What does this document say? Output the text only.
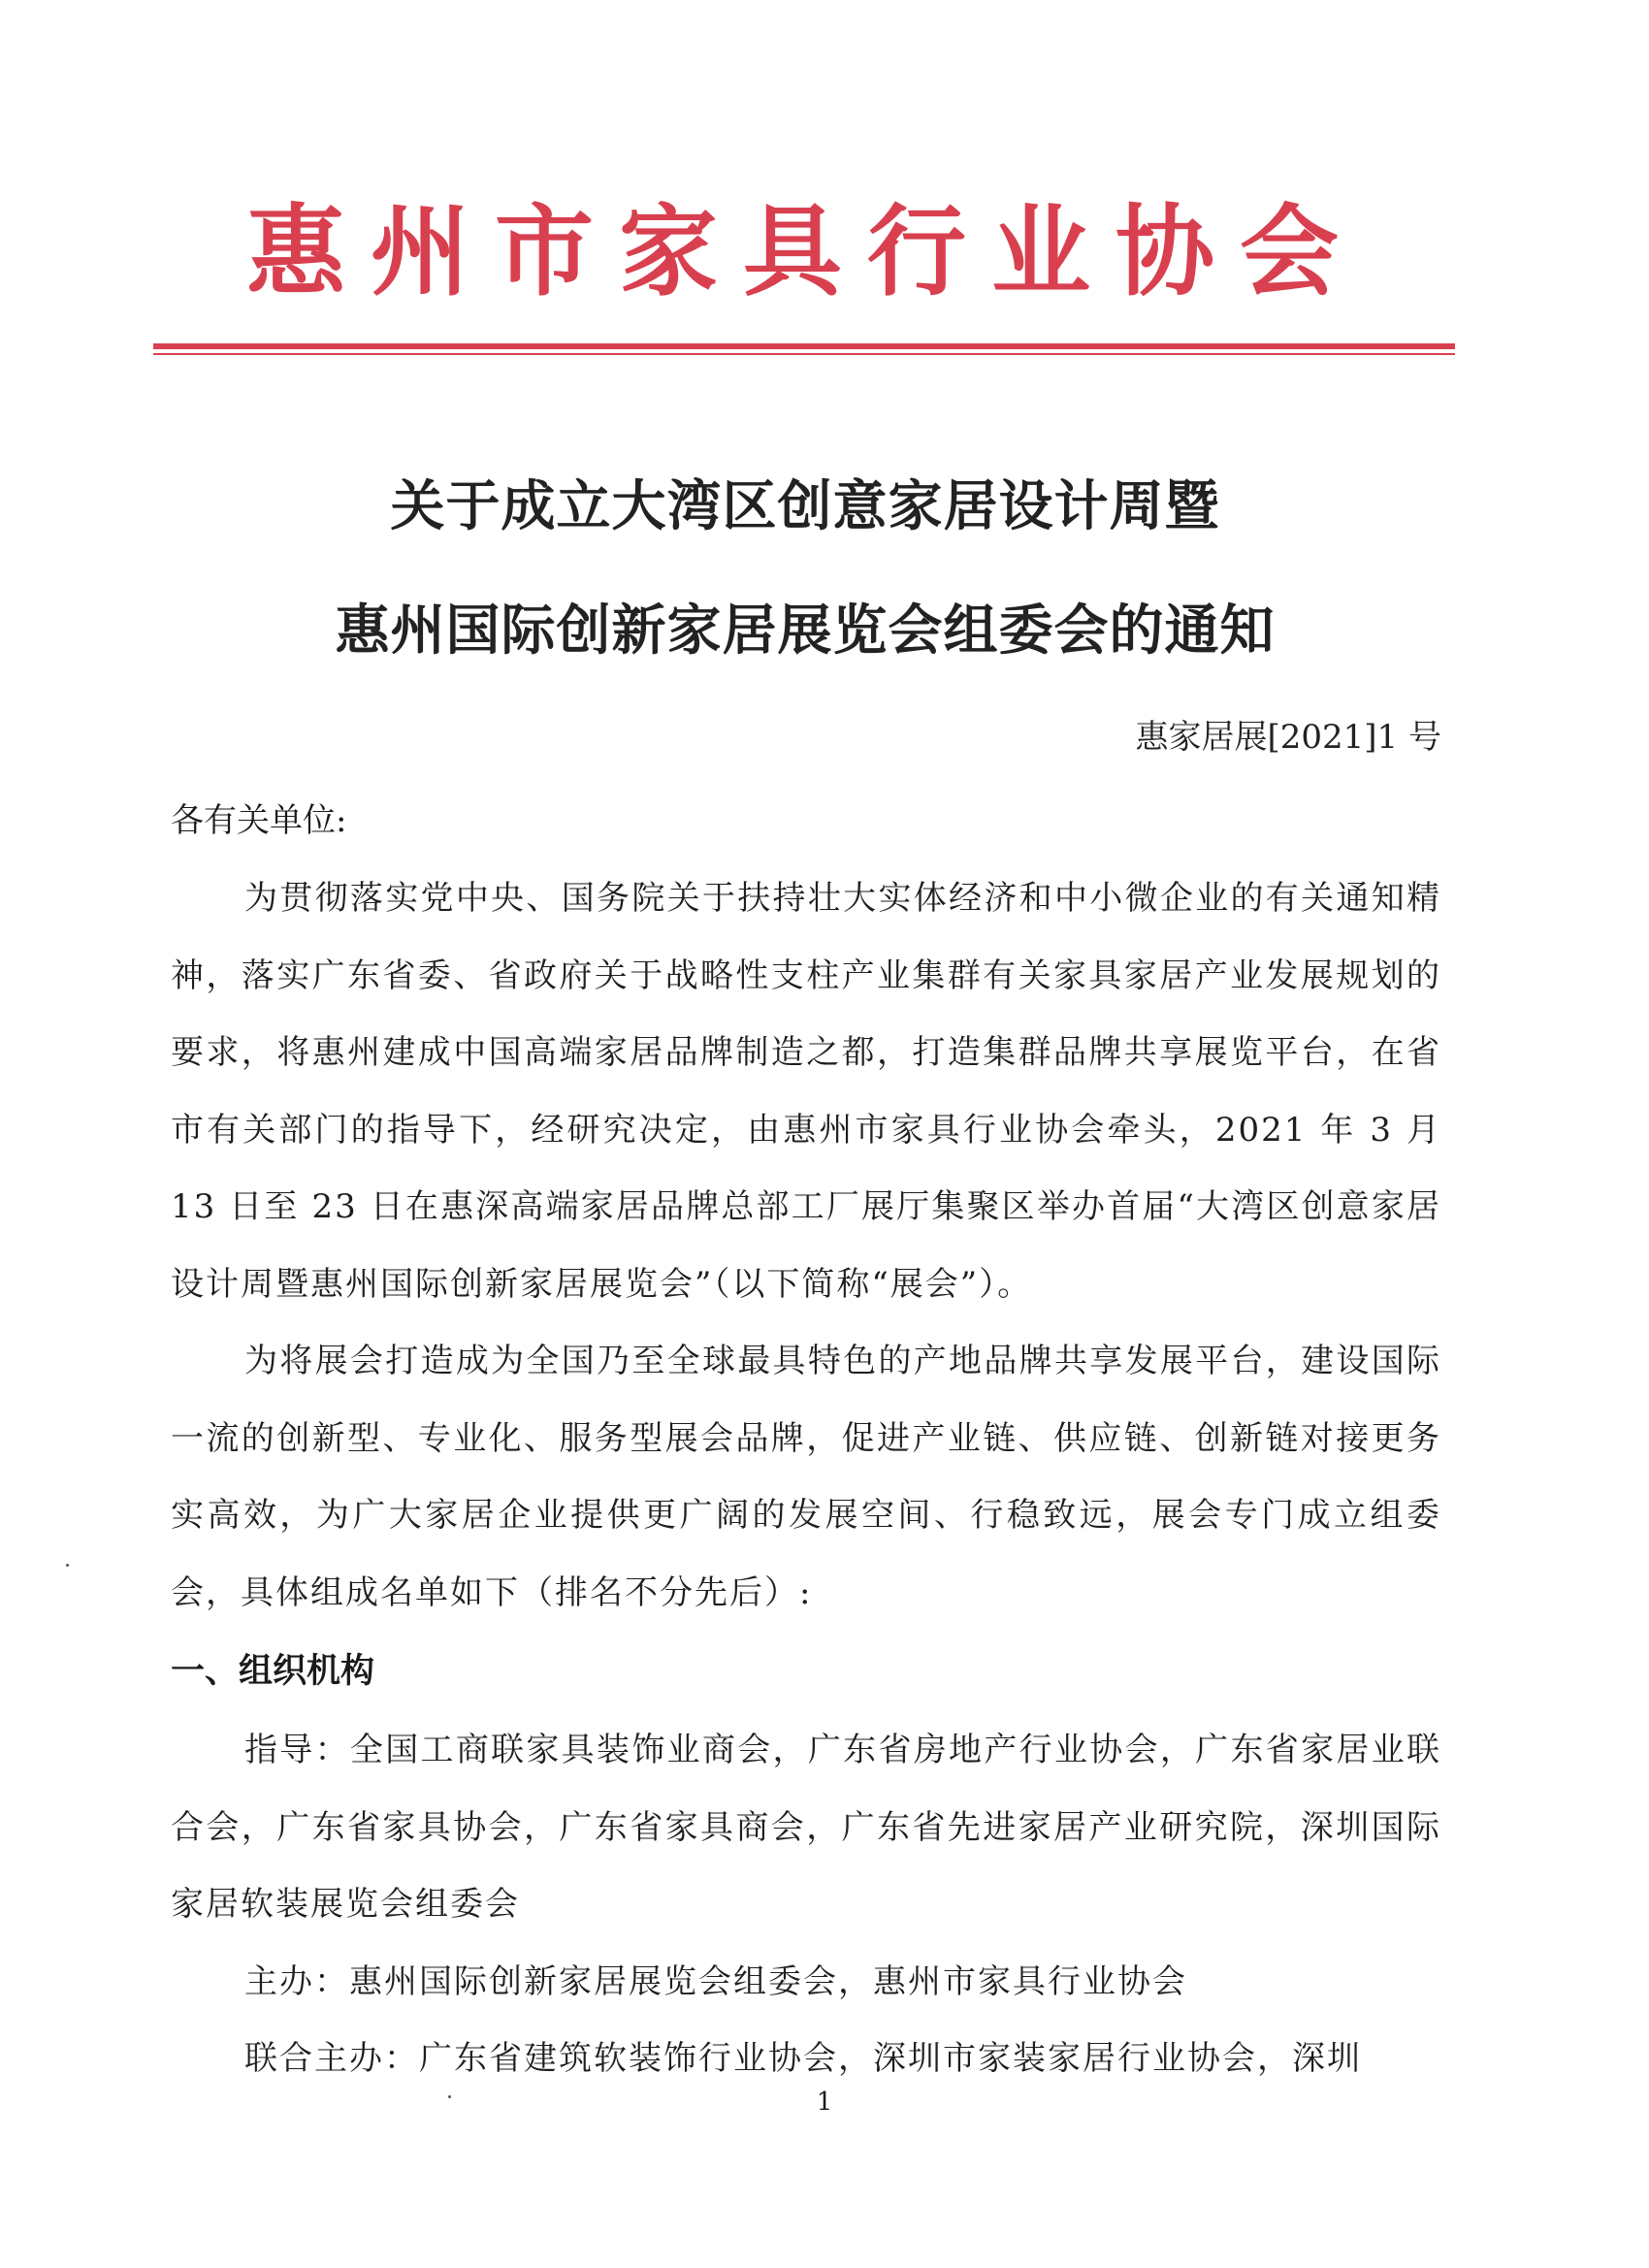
惠州市家具行业协会
关于成立大湾区创意家居设计周暨
惠州国际创新家居展览会组委会的通知
惠家居展[2021]1 号
各有关单位:

为贯彻落实党中央、国务院关于扶持壮大实体经济和中小微企业的有关通知精神，落实广东省委、省政府关于战略性支柱产业集群有关家具家居产业发展规划的要求，将惠州建成中国高端家居品牌制造之都，打造集群品牌共享展览平台，在省市有关部门的指导下，经研究决定，由惠州市家具行业协会牵头，2021 年 3 月 13 日至 23 日在惠深高端家居品牌总部工厂展厅集聚区举办首届“大湾区创意家居设计周暨惠州国际创新家居展览会”（以下简称“展会”）。

为将展会打造成为全国乃至全球最具特色的产地品牌共享发展平台，建设国际一流的创新型、专业化、服务型展会品牌，促进产业链、供应链、创新链对接更务实高效，为广大家居企业提供更广阔的发展空间、行稳致远，展会专门成立组委会，具体组成名单如下（排名不分先后）:

一、组织机构

指导：全国工商联家具装饰业商会，广东省房地产行业协会，广东省家居业联合会，广东省家具协会，广东省家具商会，广东省先进家居产业研究院，深圳国际家居软装展览会组委会

主办：惠州国际创新家居展览会组委会，惠州市家具行业协会

联合主办：广东省建筑软装饰行业协会，深圳市家装家居行业协会，深圳

1
